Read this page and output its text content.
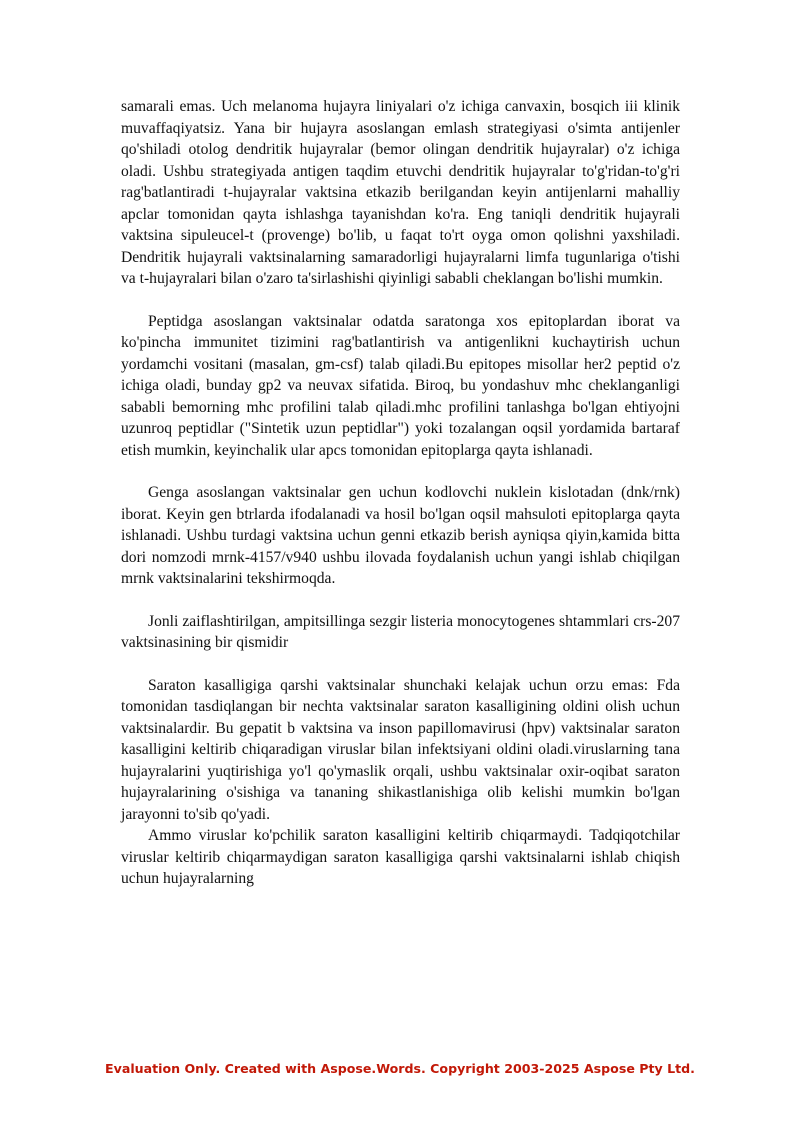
samarali emas. Uch melanoma hujayra liniyalari o'z ichiga canvaxin, bosqich iii klinik muvaffaqiyatsiz. Yana bir hujayra asoslangan emlash strategiyasi o'simta antijenler qo'shiladi otolog dendritik hujayralar (bemor olingan dendritik hujayralar) o'z ichiga oladi. Ushbu strategiyada antigen taqdim etuvchi dendritik hujayralar to'g'ridan-to'g'ri rag'batlantiradi t-hujayralar vaktsina etkazib berilgandan keyin antijenlarni mahalliy apclar tomonidan qayta ishlashga tayanishdan ko'ra. Eng taniqli dendritik hujayrali vaktsina sipuleucel-t (provenge) bo'lib, u faqat to'rt oyga omon qolishni yaxshiladi. Dendritik hujayrali vaktsinalarning samaradorligi hujayralarni limfa tugunlariga o'tishi va t-hujayralari bilan o'zaro ta'sirlashishi qiyinligi sababli cheklangan bo'lishi mumkin.

Peptidga asoslangan vaktsinalar odatda saratonga xos epitoplardan iborat va ko'pincha immunitet tizimini rag'batlantirish va antigenlikni kuchaytirish uchun yordamchi vositani (masalan, gm-csf) talab qiladi.Bu epitopes misollar her2 peptid o'z ichiga oladi, bunday gp2 va neuvax sifatida. Biroq, bu yondashuv mhc cheklanganligi sababli bemorning mhc profilini talab qiladi.mhc profilini tanlashga bo'lgan ehtiyojni uzunroq peptidlar ("Sintetik uzun peptidlar") yoki tozalangan oqsil yordamida bartaraf etish mumkin, keyinchalik ular apcs tomonidan epitoplarga qayta ishlanadi.

Genga asoslangan vaktsinalar gen uchun kodlovchi nuklein kislotadan (dnk/rnk) iborat. Keyin gen btrlarda ifodalanadi va hosil bo'lgan oqsil mahsuloti epitoplarga qayta ishlanadi. Ushbu turdagi vaktsina uchun genni etkazib berish ayniqsa qiyin,kamida bitta dori nomzodi mrnk-4157/v940 ushbu ilovada foydalanish uchun yangi ishlab chiqilgan mrnk vaktsinalarini tekshirmoqda.

Jonli zaiflashtirilgan, ampitsillinga sezgir listeria monocytogenes shtammlari crs-207 vaktsinasining bir qismidir

Saraton kasalligiga qarshi vaktsinalar shunchaki kelajak uchun orzu emas: Fda tomonidan tasdiqlangan bir nechta vaktsinalar saraton kasalligining oldini olish uchun vaktsinalardir. Bu gepatit b vaktsina va inson papillomavirusi (hpv) vaktsinalar saraton kasalligini keltirib chiqaradigan viruslar bilan infektsiyani oldini oladi.viruslarning tana hujayralarini yuqtirishiga yo'l qo'ymaslik orqali, ushbu vaktsinalar oxir-oqibat saraton hujayralarining o'sishiga va tananing shikastlanishiga olib kelishi mumkin bo'lgan jarayonni to'sib qo'yadi.

Ammo viruslar ko'pchilik saraton kasalligini keltirib chiqarmaydi. Tadqiqotchilar viruslar keltirib chiqarmaydigan saraton kasalligiga qarshi vaktsinalarni ishlab chiqish uchun hujayralarning

Evaluation Only. Created with Aspose.Words. Copyright 2003-2025 Aspose Pty Ltd.
